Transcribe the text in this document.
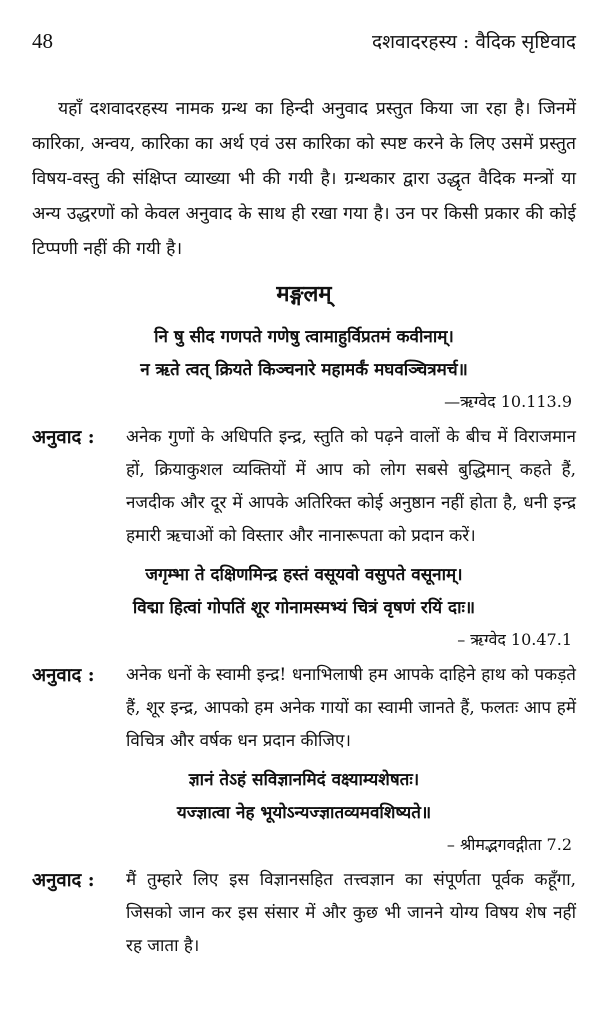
48	दशवादरहस्य : वैदिक सृष्टिवाद

यहाँ दशवादरहस्य नामक ग्रन्थ का हिन्दी अनुवाद प्रस्तुत किया जा रहा है। जिनमें कारिका, अन्वय, कारिका का अर्थ एवं उस कारिका को स्पष्ट करने के लिए उसमें प्रस्तुत विषय-वस्तु की संक्षिप्त व्याख्या भी की गयी है। ग्रन्थकार द्वारा उद्धृत वैदिक मन्त्रों या अन्य उद्धरणों को केवल अनुवाद के साथ ही रखा गया है। उन पर किसी प्रकार की कोई टिप्पणी नहीं की गयी है।

मङ्गलम्
नि षु सीद गणपते गणेषु त्वामाहुर्विप्रतमं कवीनाम्।
न ऋते त्वत् क्रियते किञ्चनारे महामर्कं मघवञ्चित्रमर्च॥
—ऋग्वेद 10.113.9
अनुवाद :	अनेक गुणों के अधिपति इन्द्र, स्तुति को पढ़ने वालों के बीच में विराजमान हों, क्रियाकुशल व्यक्तियों में आप को लोग सबसे बुद्धिमान् कहते हैं, नजदीक और दूर में आपके अतिरिक्त कोई अनुष्ठान नहीं होता है, धनी इन्द्र हमारी ऋचाओं को विस्तार और नानारूपता को प्रदान करें।
जगृम्भा ते दक्षिणमिन्द्र हस्तं वसूयवो वसुपते वसूनाम्।
विद्मा हित्वां गोपतिं शूर गोनामस्मभ्यं चित्रं वृषणं रयिं दाः॥
– ऋग्वेद 10.47.1
अनुवाद :	अनेक धनों के स्वामी इन्द्र! धनाभिलाषी हम आपके दाहिने हाथ को पकड़ते हैं, शूर इन्द्र, आपको हम अनेक गायों का स्वामी जानते हैं, फलतः आप हमें विचित्र और वर्षक धन प्रदान कीजिए।
ज्ञानं तेऽहं सविज्ञानमिदं वक्ष्याम्यशेषतः।
यज्ज्ञात्वा नेह भूयोऽन्यज्ज्ञातव्यमवशिष्यते॥
– श्रीमद्भगवद्गीता 7.2
अनुवाद :	मैं तुम्हारे लिए इस विज्ञानसहित तत्त्वज्ञान का संपूर्णता पूर्वक कहूँगा, जिसको जान कर इस संसार में और कुछ भी जानने योग्य विषय शेष नहीं रह जाता है।
